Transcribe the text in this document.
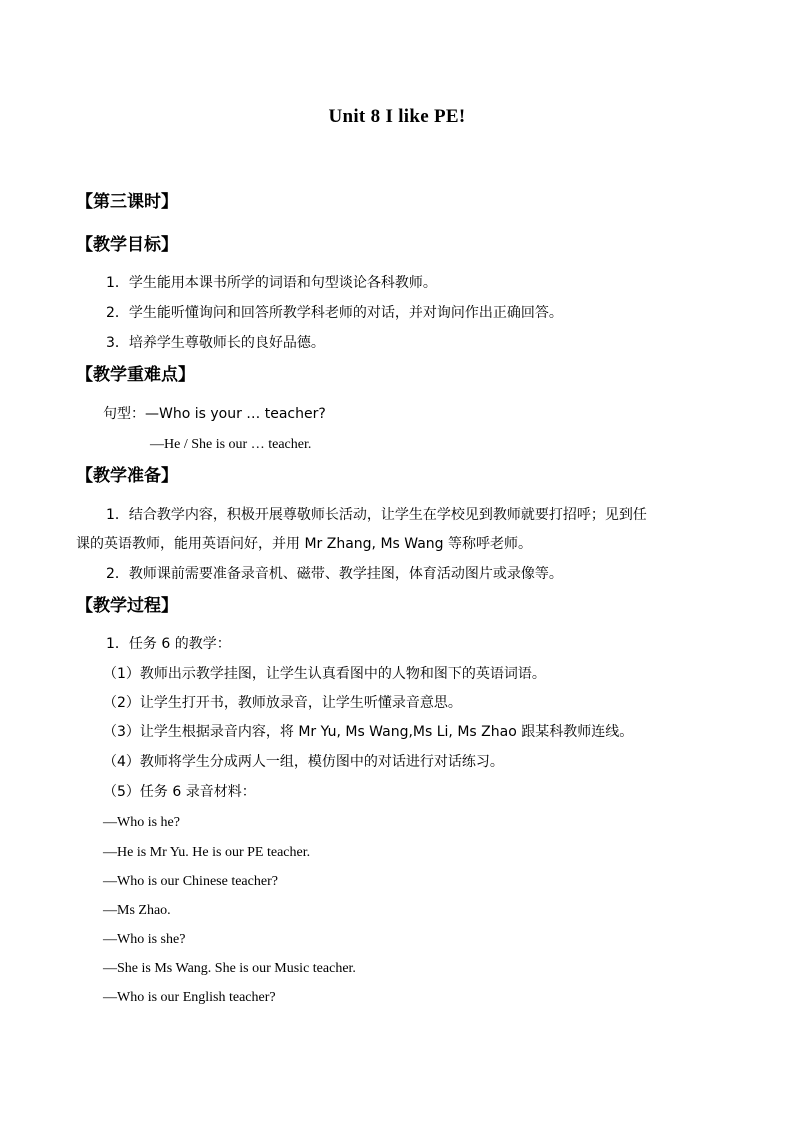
Unit 8 I like PE!
【第三课时】
【教学目标】
1．学生能用本课书所学的词语和句型谈论各科教师。
2．学生能听懂询问和回答所教学科老师的对话，并对询问作出正确回答。
3．培养学生尊敬师长的良好品德。
【教学重难点】
句型：—Who is your … teacher?
—He / She is our … teacher.
【教学准备】
1．结合教学内容，积极开展尊敬师长活动，让学生在学校见到教师就要打招呼；见到任
课的英语教师，能用英语问好，并用 Mr Zhang, Ms Wang 等称呼老师。
2．教师课前需要准备录音机、磁带、教学挂图，体育活动图片或录像等。
【教学过程】
1．任务 6 的教学：
（1）教师出示教学挂图，让学生认真看图中的人物和图下的英语词语。
（2）让学生打开书，教师放录音，让学生听懂录音意思。
（3）让学生根据录音内容，将 Mr Yu, Ms Wang,Ms Li, Ms Zhao 跟某科教师连线。
（4）教师将学生分成两人一组，模仿图中的对话进行对话练习。
（5）任务 6 录音材料：
—Who is he?
—He is Mr Yu. He is our PE teacher.
—Who is our Chinese teacher?
—Ms Zhao.
—Who is she?
—She is Ms Wang. She is our Music teacher.
—Who is our English teacher?
